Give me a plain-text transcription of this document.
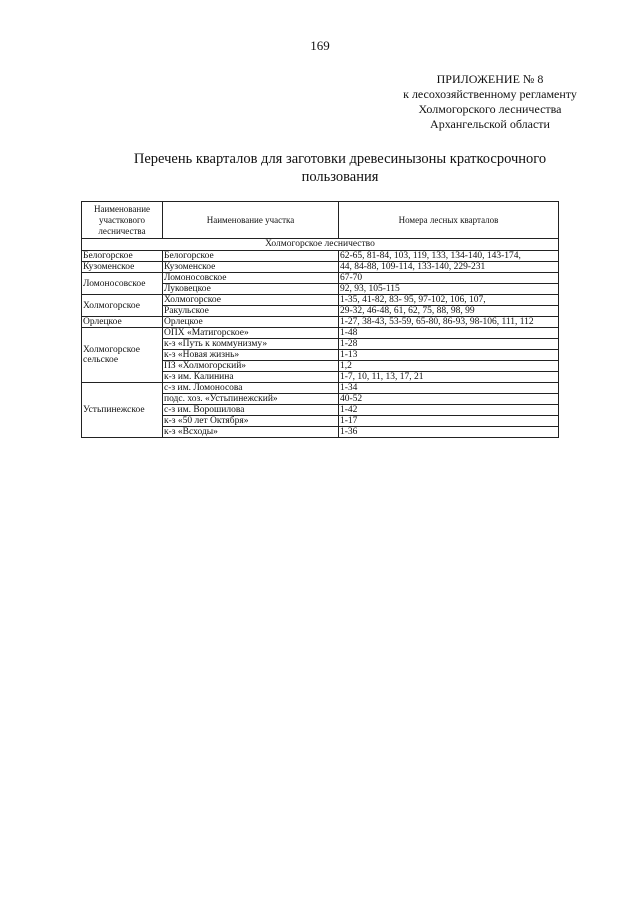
169
ПРИЛОЖЕНИЕ № 8
к лесохозяйственному регламенту
Холмогорского лесничества
Архангельской области
Перечень кварталов для заготовки древесинызоны краткосрочного
пользования
Наименование участкового лесничества	Наименование участка	Номера лесных кварталов
Холмогорское лесничество		
Белогорское	Белогорское	62-65, 81-84, 103, 119, 133, 134-140, 143-174,
Кузоменское	Кузоменское	44, 84-88, 109-114, 133-140, 229-231
Ломоносовское	Ломоносовское	67-70
	Луковецкое	92, 93, 105-115
Холмогорское	Холмогорское	1-35, 41-82, 83- 95, 97-102, 106, 107,
	Ракульское	29-32, 46-48, 61, 62, 75, 88, 98, 99
Орлецкое	Орлецкое	1-27, 38-43, 53-59, 65-80, 86-93, 98-106, 111, 112
Холмогорское сельское	ОПХ «Матигорское»	1-48
	к-з «Путь к коммунизму»	1-28
	к-з «Новая жизнь»	1-13
	ПЗ «Холмогорский»	1,2
	к-з им. Калинина	1-7, 10, 11, 13, 17, 21
Устьпинежское	с-з им. Ломоносова	1-34
	подс. хоз. «Устьпинежский»	40-52
	с-з им. Ворошилова	1-42
	к-з «50 лет Октября»	1-17
	к-з «Всходы»	1-36
